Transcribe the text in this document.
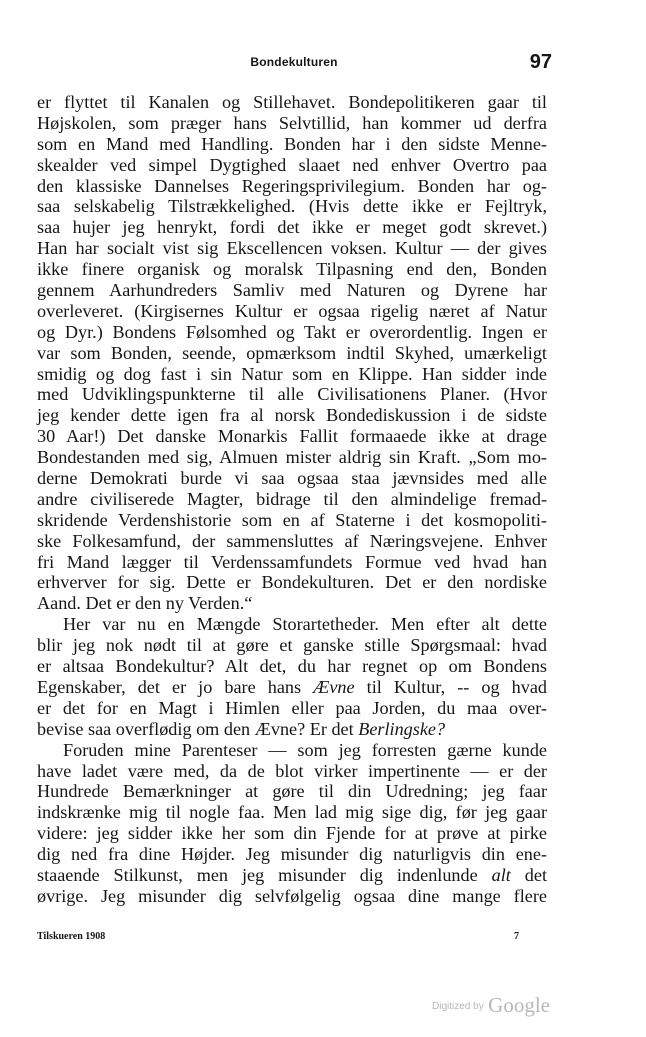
Bondekulturen	97
er flyttet til Kanalen og Stillehavet. Bondepolitikeren gaar til
Højskolen, som præger hans Selvtillid, han kommer ud derfra
som en Mand med Handling. Bonden har i den sidste Menne-
skealder ved simpel Dygtighed slaaet ned enhver Overtro paa
den klassiske Dannelses Regeringsprivilegium. Bonden har og-
saa selskabelig Tilstrækkelighed. (Hvis dette ikke er Fejltryk,
saa hujer jeg henrykt, fordi det ikke er meget godt skrevet.)
Han har socialt vist sig Ekscellencen voksen. Kultur — der gives
ikke finere organisk og moralsk Tilpasning end den, Bonden
gennem Aarhundreders Samliv med Naturen og Dyrene har
overleveret. (Kirgisernes Kultur er ogsaa rigelig næret af Natur
og Dyr.) Bondens Følsomhed og Takt er overordentlig. Ingen er
var som Bonden, seende, opmærksom indtil Skyhed, umærkeligt
smidig og dog fast i sin Natur som en Klippe. Han sidder inde
med Udviklingspunkterne til alle Civilisationens Planer. (Hvor
jeg kender dette igen fra al norsk Bondediskussion i de sidste
30 Aar!) Det danske Monarkis Fallit formaaede ikke at drage
Bondestanden med sig, Almuen mister aldrig sin Kraft. „Som mo-
derne Demokrati burde vi saa ogsaa staa jævnsides med alle
andre civiliserede Magter, bidrage til den almindelige fremad-
skridende Verdenshistorie som en af Staterne i det kosmopoliti-
ske Folkesamfund, der sammensluttes af Næringsvejene. Enhver
fri Mand lægger til Verdenssamfundets Formue ved hvad han
erhverver for sig. Dette er Bondekulturen. Det er den nordiske
Aand. Det er den ny Verden.“
Her var nu en Mængde Storartetheder. Men efter alt dette
blir jeg nok nødt til at gøre et ganske stille Spørgsmaal: hvad
er altsaa Bondekultur? Alt det, du har regnet op om Bondens
Egenskaber, det er jo bare hans Ævne til Kultur, -- og hvad
er det for en Magt i Himlen eller paa Jorden, du maa over-
bevise saa overflødig om den Ævne? Er det Berlingske?
Foruden mine Parenteser — som jeg forresten gærne kunde
have ladet være med, da de blot virker impertinente — er der
Hundrede Bemærkninger at gøre til din Udredning; jeg faar
indskrænke mig til nogle faa. Men lad mig sige dig, før jeg gaar
videre: jeg sidder ikke her som din Fjende for at prøve at pirke
dig ned fra dine Højder. Jeg misunder dig naturligvis din ene-
staaende Stilkunst, men jeg misunder dig indenlunde alt det
øvrige. Jeg misunder dig selvfølgelig ogsaa dine mange flere
Tilskueren 1908	7
Digitized by Google
